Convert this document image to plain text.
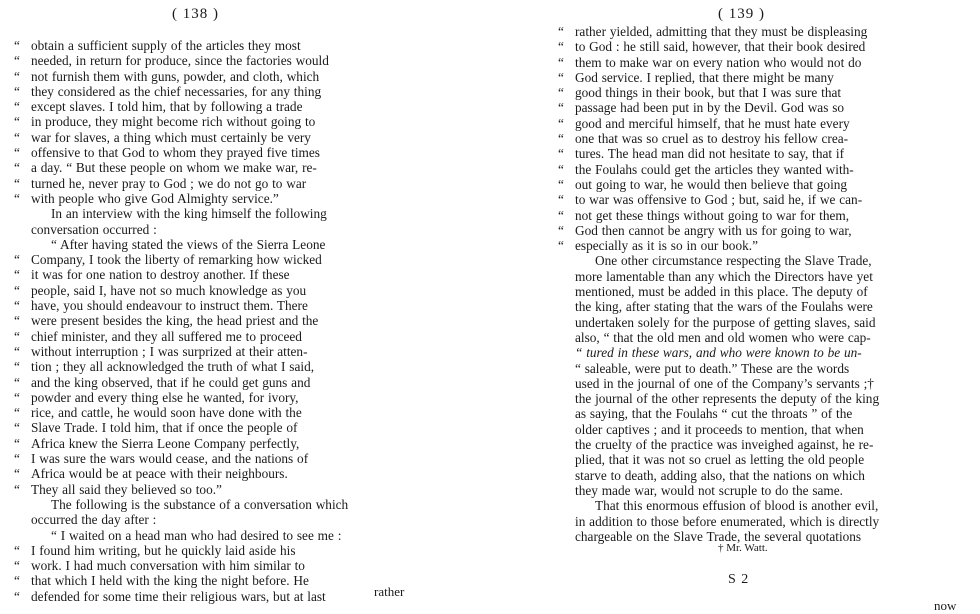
( 138 )
“ obtain a sufficient supply of the articles they most
“ needed, in return for produce, since the factories would
“ not furnish them with guns, powder, and cloth, which
“ they considered as the chief necessaries, for any thing
“ except slaves. I told him, that by following a trade
“ in produce, they might become rich without going to
“ war for slaves, a thing which must certainly be very
“ offensive to that God to whom they prayed five times
“ a day. “ But these people on whom we make war, re-
“ turned he, never pray to God ; we do not go to war
“ with people who give God Almighty service.”
In an interview with the king himself the following
conversation occurred :
“ After having stated the views of the Sierra Leone
“ Company, I took the liberty of remarking how wicked
“ it was for one nation to destroy another. If these
“ people, said I, have not so much knowledge as you
“ have, you should endeavour to instruct them. There
“ were present besides the king, the head priest and the
“ chief minister, and they all suffered me to proceed
“ without interruption ; I was surprized at their atten-
“ tion ; they all acknowledged the truth of what I said,
“ and the king observed, that if he could get guns and
“ powder and every thing else he wanted, for ivory,
“ rice, and cattle, he would soon have done with the
“ Slave Trade. I told him, that if once the people of
“ Africa knew the Sierra Leone Company perfectly,
“ I was sure the wars would cease, and the nations of
“ Africa would be at peace with their neighbours.
“ They all said they believed so too.”
The following is the substance of a conversation which
occurred the day after :
“ I waited on a head man who had desired to see me :
“ I found him writing, but he quickly laid aside his
“ work. I had much conversation with him similar to
“ that which I held with the king the night before. He
“ defended for some time their religious wars, but at last	rather
( 139 )
“ rather yielded, admitting that they must be displeasing
“ to God : he still said, however, that their book desired
“ them to make war on every nation who would not do
“ God service. I replied, that there might be many
“ good things in their book, but that I was sure that
“ passage had been put in by the Devil. God was so
“ good and merciful himself, that he must hate every
“ one that was so cruel as to destroy his fellow crea-
“ tures. The head man did not hesitate to say, that if
“ the Foulahs could get the articles they wanted with-
“ out going to war, he would then believe that going
“ to war was offensive to God ; but, said he, if we can-
“ not get these things without going to war for them,
“ God then cannot be angry with us for going to war,
“ especially as it is so in our book.”
One other circumstance respecting the Slave Trade,
more lamentable than any which the Directors have yet
mentioned, must be added in this place. The deputy of
the king, after stating that the wars of the Foulahs were
undertaken solely for the purpose of getting slaves, said
also, “ that the old men and old women who were cap-
“ tured in these wars, and who were known to be un-
“ saleable, were put to death.” These are the words
used in the journal of one of the Company’s servants ;†
the journal of the other represents the deputy of the king
as saying, that the Foulahs “ cut the throats ” of the
older captives ; and it proceeds to mention, that when
the cruelty of the practice was inveighed against, he re-
plied, that it was not so cruel as letting the old people
starve to death, adding also, that the nations on which
they made war, would not scruple to do the same.
That this enormous effusion of blood is another evil,
in addition to those before enumerated, which is directly
chargeable on the Slave Trade, the several quotations
† Mr. Watt.
S 2
now
